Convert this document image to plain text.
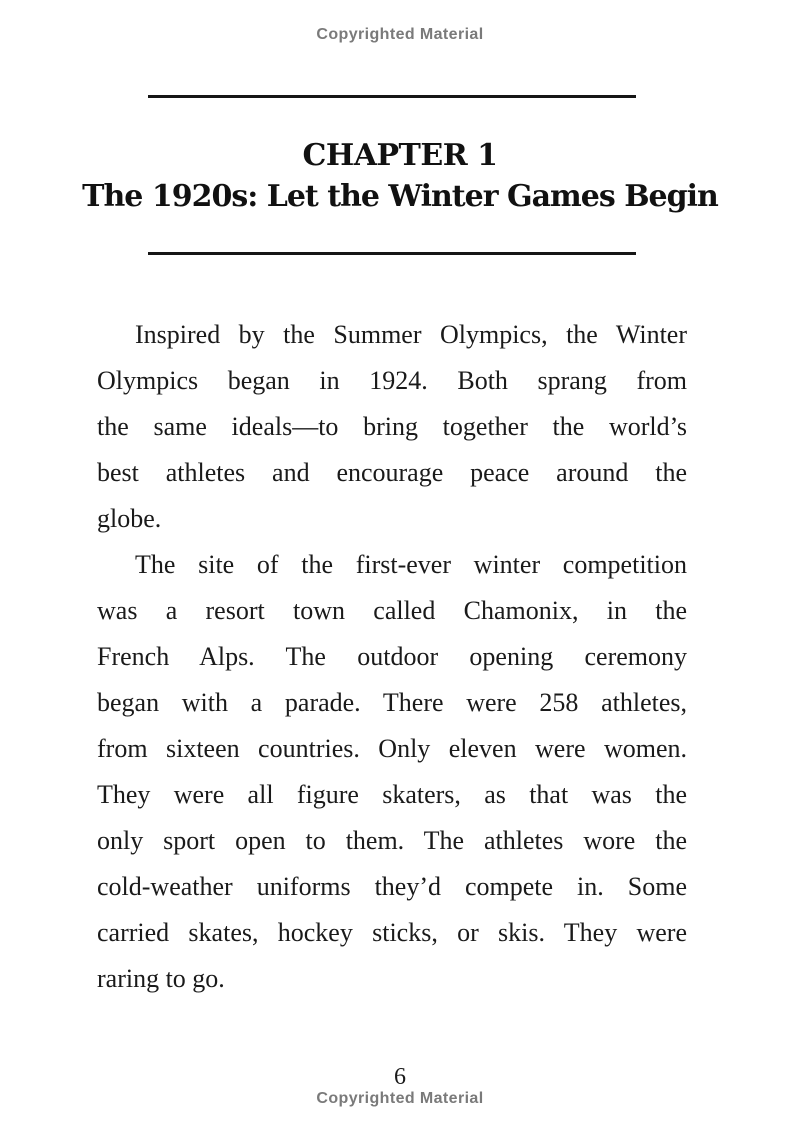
Copyrighted Material
CHAPTER 1
The 1920s: Let the Winter Games Begin
Inspired by the Summer Olympics, the Winter
Olympics began in 1924. Both sprang from
the same ideals—to bring together the world’s
best athletes and encourage peace around the
globe.
The site of the first-ever winter competition
was a resort town called Chamonix, in the
French Alps. The outdoor opening ceremony
began with a parade. There were 258 athletes,
from sixteen countries. Only eleven were women.
They were all figure skaters, as that was the
only sport open to them. The athletes wore the
cold-weather uniforms they’d compete in. Some
carried skates, hockey sticks, or skis. They were
raring to go.
6
Copyrighted Material
